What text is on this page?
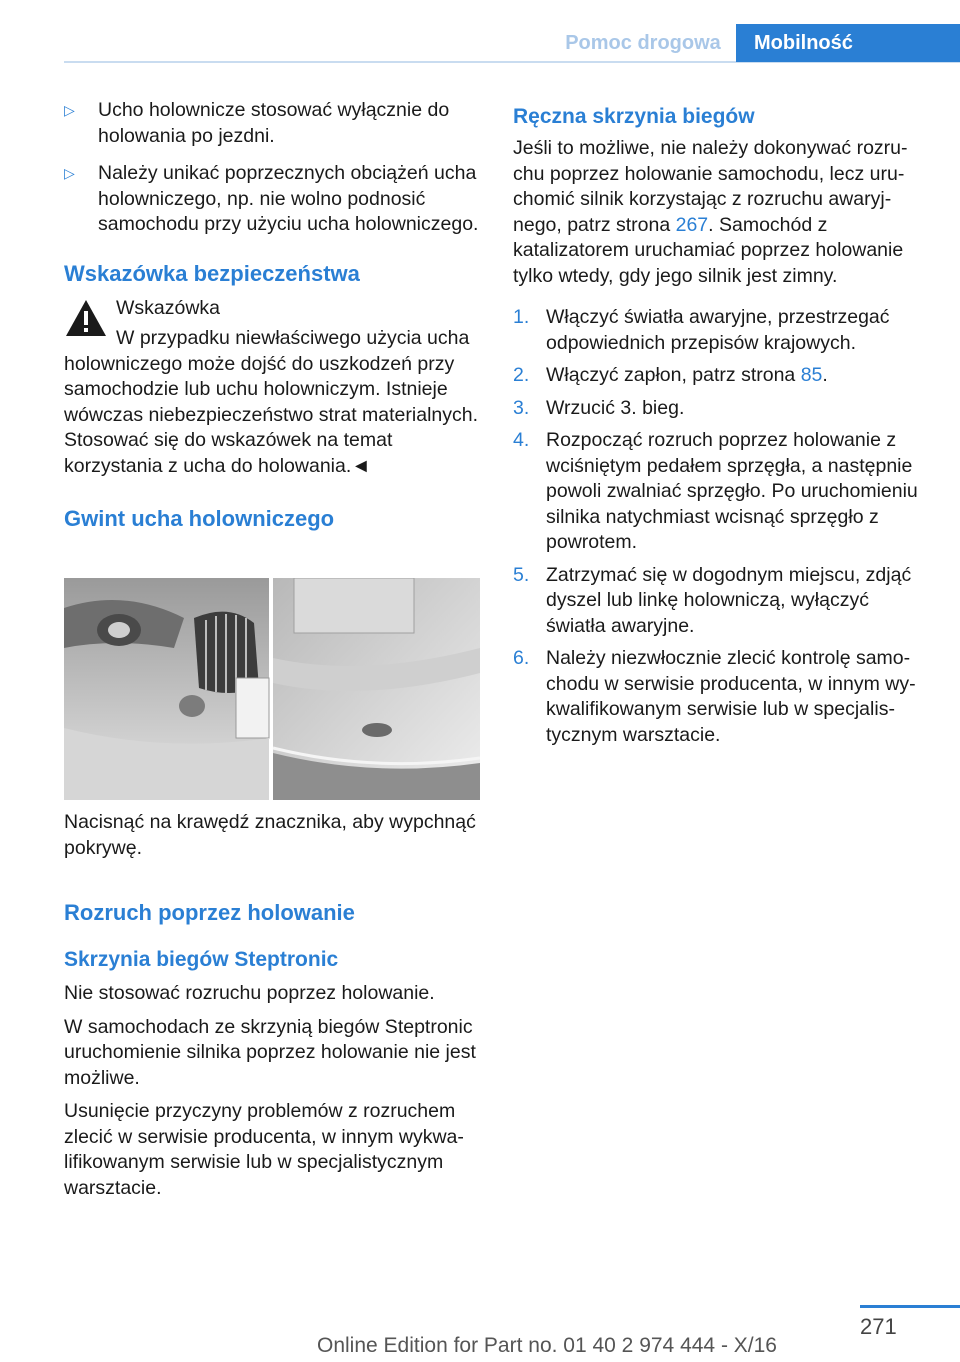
Pomoc drogowa	Mobilność
▷ Ucho holownicze stosować wyłącznie do holowania po jezdni.
▷ Należy unikać poprzecznych obciążeń ucha holowniczego, np. nie wolno podnosić samochodu przy użyciu ucha holowniczego.
Wskazówka bezpieczeństwa

Wskazówka

W przypadku niewłaściwego użycia ucha holowniczego może dojść do uszkodzeń przy samochodzie lub uchu holowniczym. Istnieje wówczas niebezpieczeństwo strat materialnych. Stosować się do wskazówek na temat korzystania z ucha do holowania.◄

Gwint ucha holowniczego

Nacisnąć na krawędź znacznika, aby wypchnąć pokrywę.

Rozruch poprzez holowanie
Skrzynia biegów Steptronic

Nie stosować rozruchu poprzez holowanie.

W samochodach ze skrzynią biegów Steptronic uruchomienie silnika poprzez holowanie nie jest możliwe.

Usunięcie przyczyny problemów z rozruchem zlecić w serwisie producenta, w innym wykwalifikowanym serwisie lub w specjalistycznym warsztacie.

Ręczna skrzynia biegów

Jeśli to możliwe, nie należy dokonywać rozruchu poprzez holowanie samochodu, lecz uruchomić silnik korzystając z rozruchu awaryjnego, patrz strona 267. Samochód z katalizatorem uruchamiać poprzez holowanie tylko wtedy, gdy jego silnik jest zimny.

1. Włączyć światła awaryjne, przestrzegać odpowiednich przepisów krajowych.
2. Włączyć zapłon, patrz strona 85.
3. Wrzucić 3. bieg.
4. Rozpocząć rozruch poprzez holowanie z wciśniętym pedałem sprzęgła, a następnie powoli zwalniać sprzęgło. Po uruchomieniu silnika natychmiast wcisnąć sprzęgło z powrotem.
5. Zatrzymać się w dogodnym miejscu, zdjąć dyszel lub linkę holowniczą, wyłączyć światła awaryjne.
6. Należy niezwłocznie zlecić kontrolę samochodu w serwisie producenta, w innym wykwalifikowanym serwisie lub w specjalistycznym warsztacie.
271
Online Edition for Part no. 01 40 2 974 444 - X/16
